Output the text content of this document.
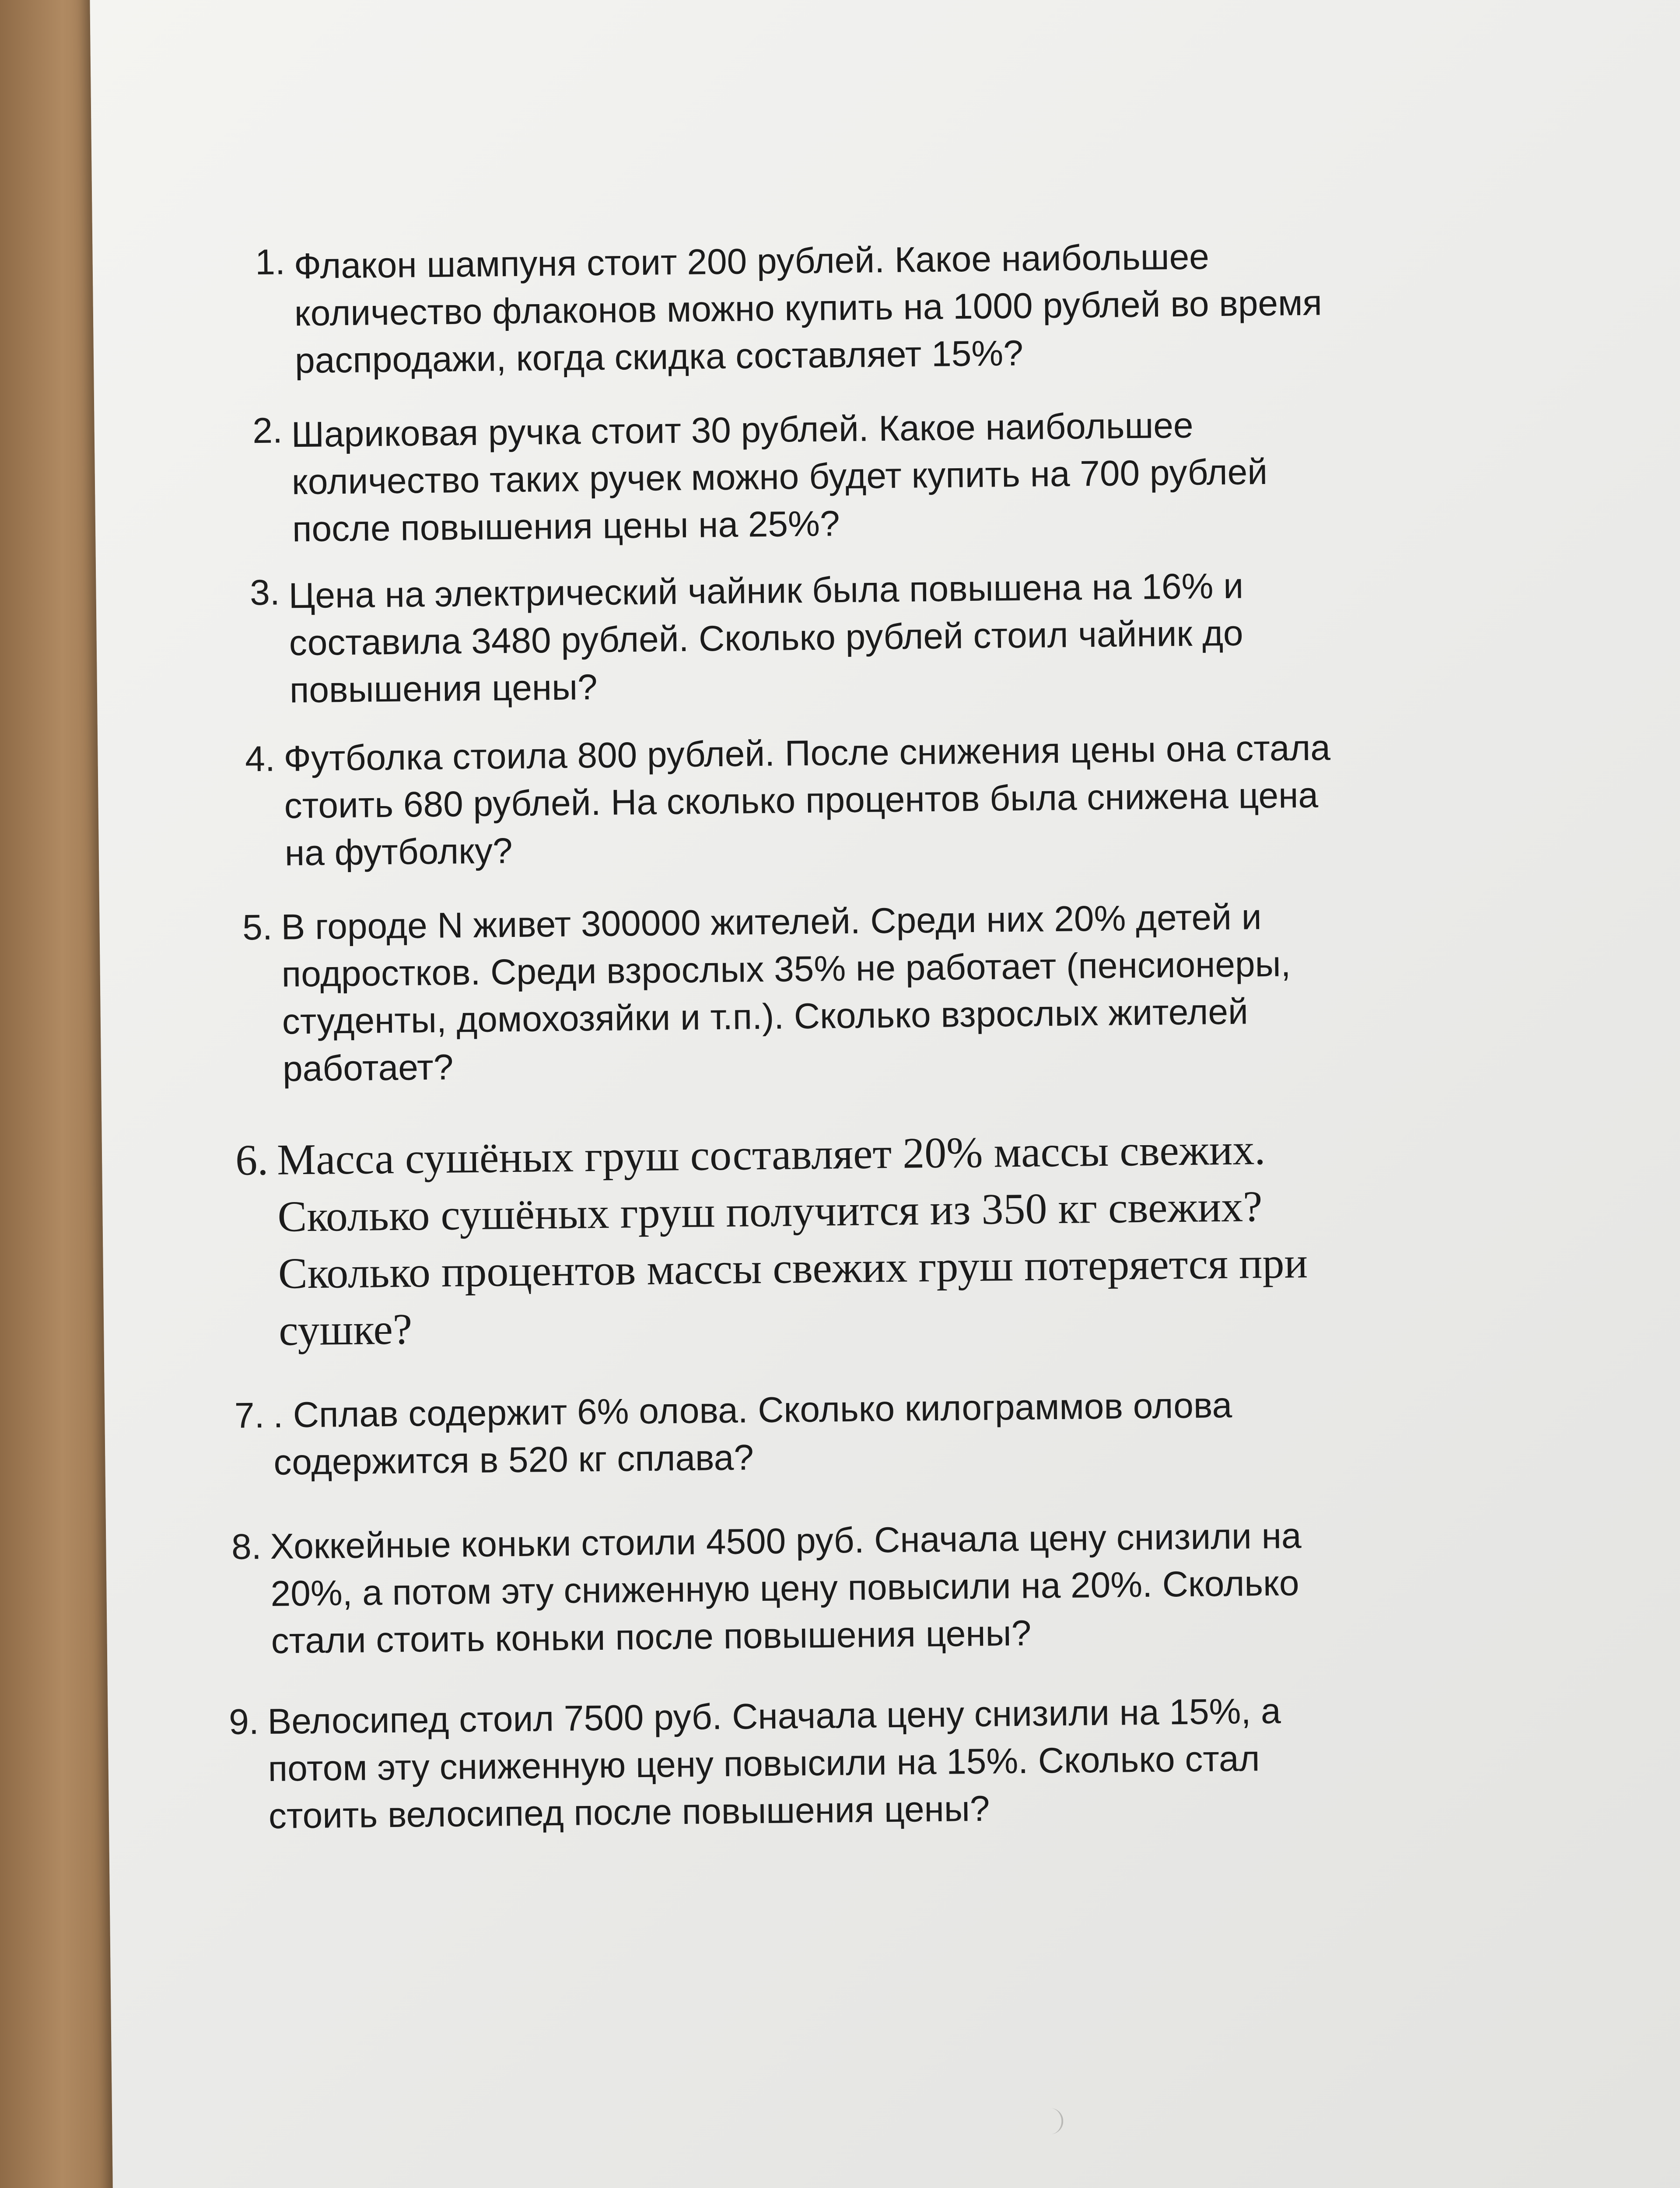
1. Флакон шампуня стоит 200 рублей. Какое наибольшее
количество флаконов можно купить на 1000 рублей во время
распродажи, когда скидка составляет 15%?

2. Шариковая ручка стоит 30 рублей. Какое наибольшее
количество таких ручек можно будет купить на 700 рублей
после повышения цены на 25%?

3. Цена на электрический чайник была повышена на 16% и
составила 3480 рублей. Сколько рублей стоил чайник до
повышения цены?

4. Футболка стоила 800 рублей. После снижения цены она стала
стоить 680 рублей. На сколько процентов была снижена цена
на футболку?

5. В городе N живет 300000 жителей. Среди них 20% детей и
подростков. Среди взрослых 35% не работает (пенсионеры,
студенты, домохозяйки и т.п.). Сколько взрослых жителей
работает?

6. Масса сушёных груш составляет 20% массы свежих.
Сколько сушёных груш получится из 350 кг свежих?
Сколько процентов массы свежих груш потеряется при
сушке?

7. . Сплав содержит 6% олова. Сколько килограммов олова
содержится в 520 кг сплава?

8. Хоккейные коньки стоили 4500 руб. Сначала цену снизили на
20%, а потом эту сниженную цену повысили на 20%. Сколько
стали стоить коньки после повышения цены?

9. Велосипед стоил 7500 руб. Сначала цену снизили на 15%, а
потом эту сниженную цену повысили на 15%. Сколько стал
стоить велосипед после повышения цены?
